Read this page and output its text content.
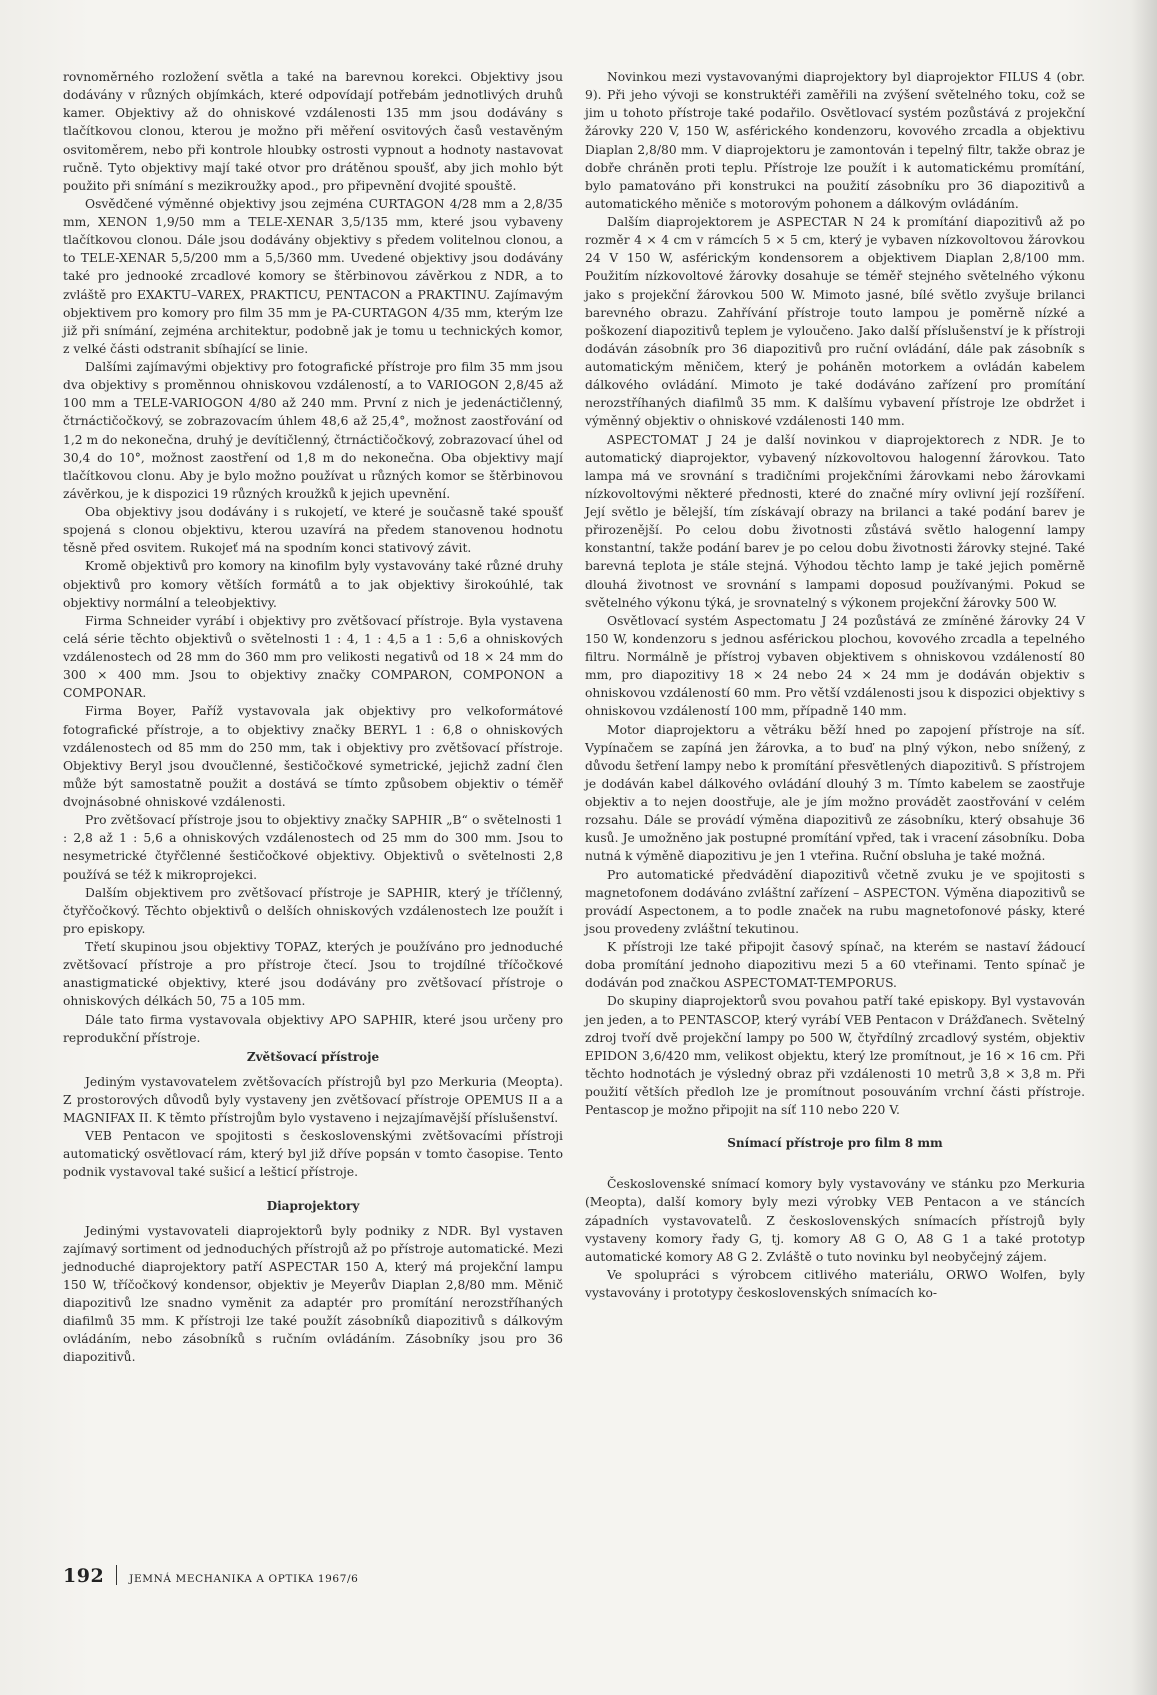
rovnoměrného rozložení světla a také na barevnou korekci. Objektivy jsou dodávány v různých objímkách, které odpovídají potřebám jednotlivých druhů kamer. Objektivy až do ohniskové vzdálenosti 135 mm jsou dodávány s tlačítkovou clonou, kterou je možno při měření osvitových časů vestavěným osvitoměrem, nebo při kontrole hloubky ostrosti vypnout a hodnoty nastavovat ručně. Tyto objektivy mají také otvor pro drátěnou spoušť, aby jich mohlo být použito při snímání s mezikroužky apod., pro připevnění dvojité spouště.

Osvědčené výměnné objektivy jsou zejména CURTAGON 4/28 mm a 2,8/35 mm, XENON 1,9/50 mm a TELE-XENAR 3,5/135 mm, které jsou vybaveny tlačítkovou clonou. Dále jsou dodávány objektivy s předem volitelnou clonou, a to TELE-XENAR 5,5/200 mm a 5,5/360 mm. Uvedené objektivy jsou dodávány také pro jednooké zrcadlové komory se štěrbinovou závěrkou z NDR, a to zvláště pro EXAKTU–VAREX, PRAKTICU, PENTACON a PRAKTINU. Zajímavým objektivem pro komory pro film 35 mm je PA-CURTAGON 4/35 mm, kterým lze již při snímání, zejména architektur, podobně jak je tomu u technických komor, z velké části odstranit sbíhající se linie.

Dalšími zajímavými objektivy pro fotografické přístroje pro film 35 mm jsou dva objektivy s proměnnou ohniskovou vzdáleností, a to VARIOGON 2,8/45 až 100 mm a TELE-VARIOGON 4/80 až 240 mm. První z nich je jedenáctičlenný, čtrnáctičočkový, se zobrazovacím úhlem 48,6 až 25,4°, možnost zaostřování od 1,2 m do nekonečna, druhý je devítičlenný, čtrnáctičočkový, zobrazovací úhel od 30,4 do 10°, možnost zaostření od 1,8 m do nekonečna. Oba objektivy mají tlačítkovou clonu. Aby je bylo možno používat u různých komor se štěrbinovou závěrkou, je k dispozici 19 různých kroužků k jejich upevnění.

Oba objektivy jsou dodávány i s rukojetí, ve které je současně také spoušť spojená s clonou objektivu, kterou uzavírá na předem stanovenou hodnotu těsně před osvitem. Rukojeť má na spodním konci stativový závit.

Kromě objektivů pro komory na kinofilm byly vystavovány také různé druhy objektivů pro komory větších formátů a to jak objektivy širokoúhlé, tak objektivy normální a teleobjektivy.

Firma Schneider vyrábí i objektivy pro zvětšovací přístroje. Byla vystavena celá série těchto objektivů o světelnosti 1 : 4, 1 : 4,5 a 1 : 5,6 a ohniskových vzdálenostech od 28 mm do 360 mm pro velikosti negativů od 18 × 24 mm do 300 × 400 mm. Jsou to objektivy značky COMPARON, COMPONON a COMPONAR.

Firma Boyer, Paříž vystavovala jak objektivy pro velkoformátové fotografické přístroje, a to objektivy značky BERYL 1 : 6,8 o ohniskových vzdálenostech od 85 mm do 250 mm, tak i objektivy pro zvětšovací přístroje. Objektivy Beryl jsou dvoučlenné, šestičočkové symetrické, jejichž zadní člen může být samostatně použit a dostává se tímto způsobem objektiv o téměř dvojnásobné ohniskové vzdálenosti.

Pro zvětšovací přístroje jsou to objektivy značky SAPHIR „B“ o světelnosti 1 : 2,8 až 1 : 5,6 a ohniskových vzdálenostech od 25 mm do 300 mm. Jsou to nesymetrické čtyřčlenné šestičočkové objektivy. Objektivů o světelnosti 2,8 používá se též k mikroprojekci.

Dalším objektivem pro zvětšovací přístroje je SAPHIR, který je tříčlenný, čtyřčočkový. Těchto objektivů o delších ohniskových vzdálenostech lze použít i pro episkopy.

Třetí skupinou jsou objektivy TOPAZ, kterých je používáno pro jednoduché zvětšovací přístroje a pro přístroje čtecí. Jsou to trojdílné tříčočkové anastigmatické objektivy, které jsou dodávány pro zvětšovací přístroje o ohniskových délkách 50, 75 a 105 mm.

Dále tato firma vystavovala objektivy APO SAPHIR, které jsou určeny pro reprodukční přístroje.

Zvětšovací přístroje

Jediným vystavovatelem zvětšovacích přístrojů byl pzo Merkuria (Meopta). Z prostorových důvodů byly vystaveny jen zvětšovací přístroje OPEMUS II a a MAGNIFAX II. K těmto přístrojům bylo vystaveno i nejzajímavější příslušenství.

VEB Pentacon ve spojitosti s československými zvětšovacími přístroji automatický osvětlovací rám, který byl již dříve popsán v tomto časopise. Tento podnik vystavoval také sušicí a lešticí přístroje.

Diaprojektory

Jedinými vystavovateli diaprojektorů byly podniky z NDR. Byl vystaven zajímavý sortiment od jednoduchých přístrojů až po přístroje automatické. Mezi jednoduché diaprojektory patří ASPECTAR 150 A, který má projekční lampu 150 W, tříčočkový kondensor, objektiv je Meyerův Diaplan 2,8/80 mm. Měnič diapozitivů lze snadno vyměnit za adaptér pro promítání nerozstříhaných diafilmů 35 mm. K přístroji lze také použít zásobníků diapozitivů s dálkovým ovládáním, nebo zásobníků s ručním ovládáním. Zásobníky jsou pro 36 diapozitivů.

Novinkou mezi vystavovanými diaprojektory byl diaprojektor FILUS 4 (obr. 9). Při jeho vývoji se konstruktéři zaměřili na zvýšení světelného toku, což se jim u tohoto přístroje také podařilo. Osvětlovací systém pozůstává z projekční žárovky 220 V, 150 W, asférického kondenzoru, kovového zrcadla a objektivu Diaplan 2,8/80 mm. V diaprojektoru je zamontován i tepelný filtr, takže obraz je dobře chráněn proti teplu. Přístroje lze použít i k automatickému promítání, bylo pamatováno při konstrukci na použití zásobníku pro 36 diapozitivů a automatického měniče s motorovým pohonem a dálkovým ovládáním.

Dalším diaprojektorem je ASPECTAR N 24 k promítání diapozitivů až po rozměr 4 × 4 cm v rámcích 5 × 5 cm, který je vybaven nízkovoltovou žárovkou 24 V 150 W, asférickým kondensorem a objektivem Diaplan 2,8/100 mm. Použitím nízkovoltové žárovky dosahuje se téměř stejného světelného výkonu jako s projekční žárovkou 500 W. Mimoto jasné, bílé světlo zvyšuje brilanci barevného obrazu. Zahřívání přístroje touto lampou je poměrně nízké a poškození diapozitivů teplem je vyloučeno. Jako další příslušenství je k přístroji dodáván zásobník pro 36 diapozitivů pro ruční ovládání, dále pak zásobník s automatickým měničem, který je poháněn motorkem a ovládán kabelem dálkového ovládání. Mimoto je také dodáváno zařízení pro promítání nerozstříhaných diafilmů 35 mm. K dalšímu vybavení přístroje lze obdržet i výměnný objektiv o ohniskové vzdálenosti 140 mm.

ASPECTOMAT J 24 je další novinkou v diaprojektorech z NDR. Je to automatický diaprojektor, vybavený nízkovoltovou halogenní žárovkou. Tato lampa má ve srovnání s tradičními projekčními žárovkami nebo žárovkami nízkovoltovými některé přednosti, které do značné míry ovlivní její rozšíření. Její světlo je bělejší, tím získávají obrazy na brilanci a také podání barev je přirozenější. Po celou dobu životnosti zůstává světlo halogenní lampy konstantní, takže podání barev je po celou dobu životnosti žárovky stejné. Také barevná teplota je stále stejná. Výhodou těchto lamp je také jejich poměrně dlouhá životnost ve srovnání s lampami doposud používanými. Pokud se světelného výkonu týká, je srovnatelný s výkonem projekční žárovky 500 W.

Osvětlovací systém Aspectomatu J 24 pozůstává ze zmíněné žárovky 24 V 150 W, kondenzoru s jednou asférickou plochou, kovového zrcadla a tepelného filtru. Normálně je přístroj vybaven objektivem s ohniskovou vzdáleností 80 mm, pro diapozitivy 18 × 24 nebo 24 × 24 mm je dodáván objektiv s ohniskovou vzdáleností 60 mm. Pro větší vzdálenosti jsou k dispozici objektivy s ohniskovou vzdáleností 100 mm, případně 140 mm.

Motor diaprojektoru a větráku běží hned po zapojení přístroje na síť. Vypínačem se zapíná jen žárovka, a to buď na plný výkon, nebo snížený, z důvodu šetření lampy nebo k promítání přesvětlených diapozitivů. S přístrojem je dodáván kabel dálkového ovládání dlouhý 3 m. Tímto kabelem se zaostřuje objektiv a to nejen doostřuje, ale je jím možno provádět zaostřování v celém rozsahu. Dále se provádí výměna diapozitivů ze zásobníku, který obsahuje 36 kusů. Je umožněno jak postupné promítání vpřed, tak i vracení zásobníku. Doba nutná k výměně diapozitivu je jen 1 vteřina. Ruční obsluha je také možná.

Pro automatické předvádění diapozitivů včetně zvuku je ve spojitosti s magnetofonem dodáváno zvláštní zařízení – ASPECTON. Výměna diapozitivů se provádí Aspectonem, a to podle značek na rubu magnetofonové pásky, které jsou provedeny zvláštní tekutinou.

K přístroji lze také připojit časový spínač, na kterém se nastaví žádoucí doba promítání jednoho diapozitivu mezi 5 a 60 vteřinami. Tento spínač je dodáván pod značkou ASPECTOMAT-TEMPORUS.

Do skupiny diaprojektorů svou povahou patří také episkopy. Byl vystavován jen jeden, a to PENTASCOP, který vyrábí VEB Pentacon v Drážďanech. Světelný zdroj tvoří dvě projekční lampy po 500 W, čtyřdílný zrcadlový systém, objektiv EPIDON 3,6/420 mm, velikost objektu, který lze promítnout, je 16 × 16 cm. Při těchto hodnotách je výsledný obraz při vzdálenosti 10 metrů 3,8 × 3,8 m. Při použití větších předloh lze je promítnout posouváním vrchní části přístroje. Pentascop je možno připojit na síť 110 nebo 220 V.

Snímací přístroje pro film 8 mm

Československé snímací komory byly vystavovány ve stánku pzo Merkuria (Meopta), další komory byly mezi výrobky VEB Pentacon a ve stáncích západních vystavovatelů. Z československých snímacích přístrojů byly vystaveny komory řady G, tj. komory A8 G O, A8 G 1 a také prototyp automatické komory A8 G 2. Zvláště o tuto novinku byl neobyčejný zájem.

Ve spolupráci s výrobcem citlivého materiálu, ORWO Wolfen, byly vystavovány i prototypy československých snímacích ko-

192 JEMNÁ MECHANIKA A OPTIKA 1967/6
